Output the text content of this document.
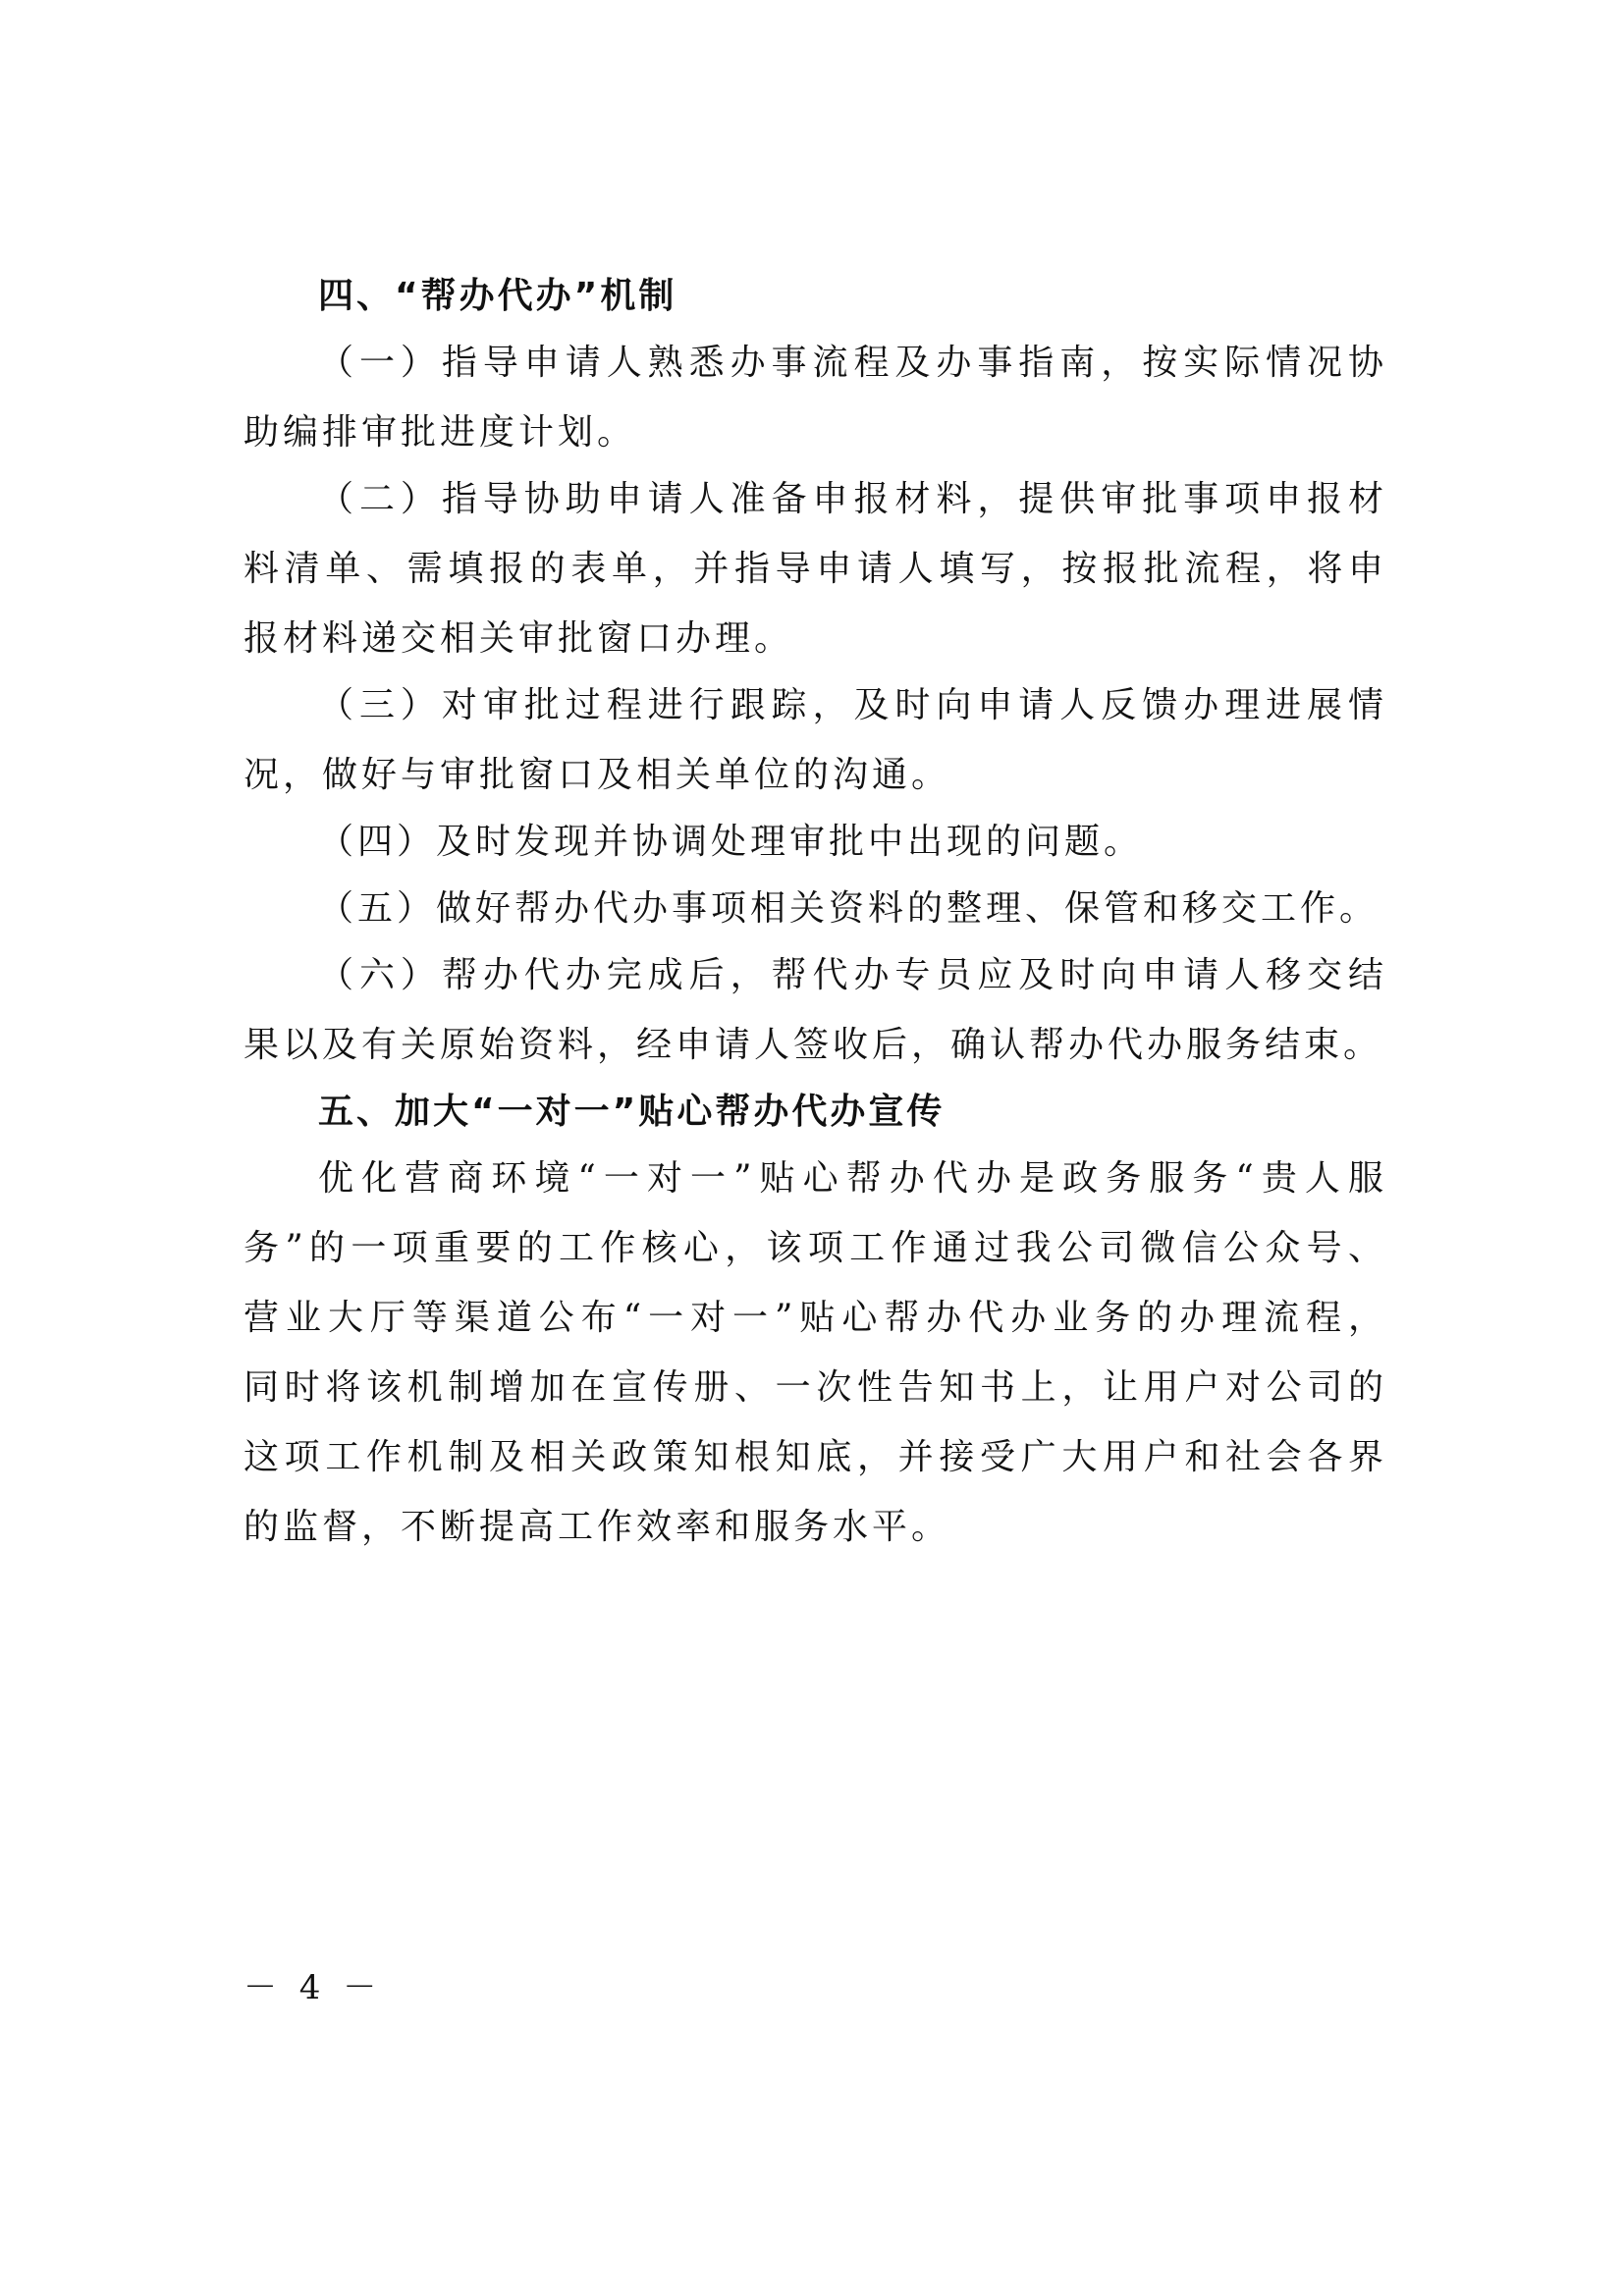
四、“帮办代办”机制

（一）指导申请人熟悉办事流程及办事指南，按实际情况协

助编排审批进度计划。

（二）指导协助申请人准备申报材料，提供审批事项申报材

料清单、需填报的表单，并指导申请人填写，按报批流程，将申

报材料递交相关审批窗口办理。

（三）对审批过程进行跟踪，及时向申请人反馈办理进展情

况，做好与审批窗口及相关单位的沟通。

（四）及时发现并协调处理审批中出现的问题。

（五）做好帮办代办事项相关资料的整理、保管和移交工作。

（六）帮办代办完成后，帮代办专员应及时向申请人移交结

果以及有关原始资料，经申请人签收后，确认帮办代办服务结束。

五、加大“一对一”贴心帮办代办宣传

优化营商环境“一对一”贴心帮办代办是政务服务“贵人服

务”的一项重要的工作核心，该项工作通过我公司微信公众号、

营业大厅等渠道公布“一对一”贴心帮办代办业务的办理流程，

同时将该机制增加在宣传册、一次性告知书上，让用户对公司的

这项工作机制及相关政策知根知底，并接受广大用户和社会各界

的监督，不断提高工作效率和服务水平。

－ 4 －
